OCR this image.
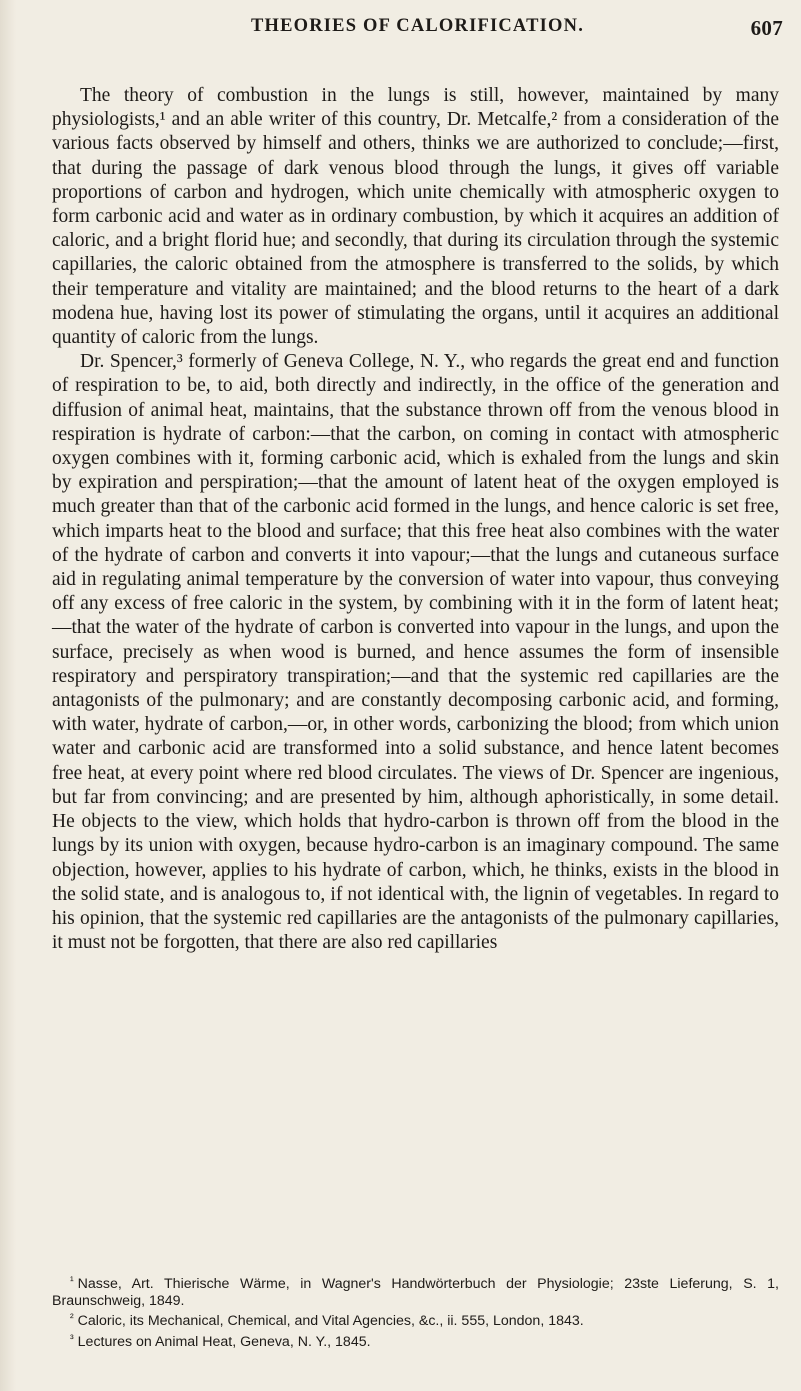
THEORIES OF CALORIFICATION.	607

The theory of combustion in the lungs is still, however, maintained by many physiologists,¹ and an able writer of this country, Dr. Metcalfe,² from a consideration of the various facts observed by himself and others, thinks we are authorized to conclude;—first, that during the passage of dark venous blood through the lungs, it gives off variable proportions of carbon and hydrogen, which unite chemically with atmospheric oxygen to form carbonic acid and water as in ordinary combustion, by which it acquires an addition of caloric, and a bright florid hue; and secondly, that during its circulation through the systemic capillaries, the caloric obtained from the atmosphere is transferred to the solids, by which their temperature and vitality are maintained; and the blood returns to the heart of a dark modena hue, having lost its power of stimulating the organs, until it acquires an additional quantity of caloric from the lungs.

Dr. Spencer,³ formerly of Geneva College, N. Y., who regards the great end and function of respiration to be, to aid, both directly and indirectly, in the office of the generation and diffusion of animal heat, maintains, that the substance thrown off from the venous blood in respiration is hydrate of carbon:—that the carbon, on coming in contact with atmospheric oxygen combines with it, forming carbonic acid, which is exhaled from the lungs and skin by expiration and perspiration;—that the amount of latent heat of the oxygen employed is much greater than that of the carbonic acid formed in the lungs, and hence caloric is set free, which imparts heat to the blood and surface; that this free heat also combines with the water of the hydrate of carbon and converts it into vapour;—that the lungs and cutaneous surface aid in regulating animal temperature by the conversion of water into vapour, thus conveying off any excess of free caloric in the system, by combining with it in the form of latent heat;—that the water of the hydrate of carbon is converted into vapour in the lungs, and upon the surface, precisely as when wood is burned, and hence assumes the form of insensible respiratory and perspiratory transpiration;—and that the systemic red capillaries are the antagonists of the pulmonary; and are constantly decomposing carbonic acid, and forming, with water, hydrate of carbon,—or, in other words, carbonizing the blood; from which union water and carbonic acid are transformed into a solid substance, and hence latent becomes free heat, at every point where red blood circulates. The views of Dr. Spencer are ingenious, but far from convincing; and are presented by him, although aphoristically, in some detail. He objects to the view, which holds that hydro-carbon is thrown off from the blood in the lungs by its union with oxygen, because hydro-carbon is an imaginary compound. The same objection, however, applies to his hydrate of carbon, which, he thinks, exists in the blood in the solid state, and is analogous to, if not identical with, the lignin of vegetables. In regard to his opinion, that the systemic red capillaries are the antagonists of the pulmonary capillaries, it must not be forgotten, that there are also red capillaries

$^{^1}$ Nasse, Art. Thierische Wärme, in Wagner's Handwörterbuch der Physiologie; 23ste Lieferung, S. 1, Braunschweig, 1849.

$^{^2}$ Caloric, its Mechanical, Chemical, and Vital Agencies, &c., ii. 555, London, 1843.

$^{^3}$ Lectures on Animal Heat, Geneva, N. Y., 1845.
